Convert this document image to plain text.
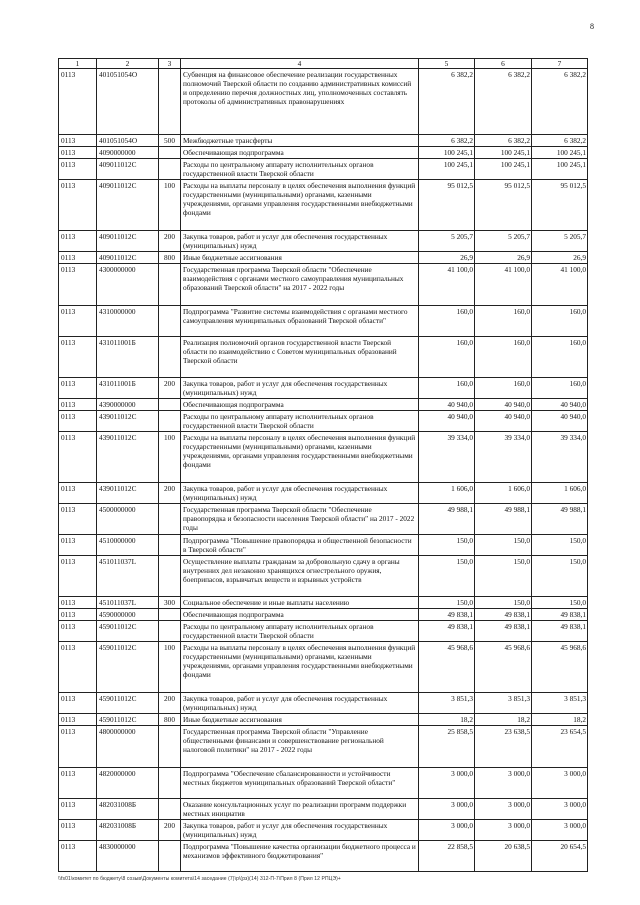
8
1	2	3	4	5	6	7
0113	401051054О		Субвенция на финансовое обеспечение реализации государственных полномочий Тверской области по созданию административных комиссий и определению перечня должностных лиц, уполномоченных составлять протоколы об административных правонарушениях	6 382,2	6 382,2	6 382,2
0113	401051054О	500	Межбюджетные трансферты	6 382,2	6 382,2	6 382,2
0113	4090000000		Обеспечивающая подпрограмма	100 245,1	100 245,1	100 245,1
0113	409011012С		Расходы по центральному аппарату исполнительных органов государственной власти Тверской области	100 245,1	100 245,1	100 245,1
0113	409011012С	100	Расходы на выплаты персоналу в целях обеспечения выполнения функций государственными (муниципальными) органами, казенными учреждениями, органами управления государственными внебюджетными фондами	95 012,5	95 012,5	95 012,5
0113	409011012С	200	Закупка товаров, работ и услуг для обеспечения государственных (муниципальных) нужд	5 205,7	5 205,7	5 205,7
0113	409011012С	800	Иные бюджетные ассигнования	26,9	26,9	26,9
0113	4300000000		Государственная программа Тверской области "Обеспечение взаимодействия с органами местного самоуправления муниципальных образований Тверской области" на 2017 - 2022 годы	41 100,0	41 100,0	41 100,0
0113	4310000000		Подпрограмма "Развитие системы взаимодействия с органами местного самоуправления муниципальных образований Тверской области"	160,0	160,0	160,0
0113	431011001Б		Реализация полномочий органов государственной власти Тверской области по взаимодействию с Советом муниципальных образований Тверской области	160,0	160,0	160,0
0113	431011001Б	200	Закупка товаров, работ и услуг для обеспечения государственных (муниципальных) нужд	160,0	160,0	160,0
0113	4390000000		Обеспечивающая подпрограмма	40 940,0	40 940,0	40 940,0
0113	439011012С		Расходы по центральному аппарату исполнительных органов государственной власти Тверской области	40 940,0	40 940,0	40 940,0
0113	439011012С	100	Расходы на выплаты персоналу в целях обеспечения выполнения функций государственными (муниципальными) органами, казенными учреждениями, органами управления государственными внебюджетными фондами	39 334,0	39 334,0	39 334,0
0113	439011012С	200	Закупка товаров, работ и услуг для обеспечения государственных (муниципальных) нужд	1 606,0	1 606,0	1 606,0
0113	4500000000		Государственная программа Тверской области "Обеспечение правопорядка и безопасности населения Тверской области" на 2017 - 2022 годы	49 988,1	49 988,1	49 988,1
0113	4510000000		Подпрограмма "Повышение правопорядка и общественной безопасности в Тверской области"	150,0	150,0	150,0
0113	451011037L		Осуществление выплаты гражданам за добровольную сдачу в органы внутренних дел незаконно хранящихся огнестрельного оружия, боеприпасов, взрывчатых веществ и взрывных устройств	150,0	150,0	150,0
0113	451011037L	300	Социальное обеспечение и иные выплаты населению	150,0	150,0	150,0
0113	4590000000		Обеспечивающая подпрограмма	49 838,1	49 838,1	49 838,1
0113	459011012С		Расходы по центральному аппарату исполнительных органов государственной власти Тверской области	49 838,1	49 838,1	49 838,1
0113	459011012С	100	Расходы на выплаты персоналу в целях обеспечения выполнения функций государственными (муниципальными) органами, казенными учреждениями, органами управления государственными внебюджетными фондами	45 968,6	45 968,6	45 968,6
0113	459011012С	200	Закупка товаров, работ и услуг для обеспечения государственных (муниципальных) нужд	3 851,3	3 851,3	3 851,3
0113	459011012С	800	Иные бюджетные ассигнования	18,2	18,2	18,2
0113	4800000000		Государственная программа Тверской области "Управление общественными финансами и совершенствование региональной налоговой политики" на 2017 - 2022 годы	25 858,5	23 638,5	23 654,5
0113	4820000000		Подпрограмма "Обеспечение сбалансированности и устойчивости местных бюджетов муниципальных образований Тверской области"	3 000,0	3 000,0	3 000,0
0113	482031008Б		Оказание консультационных услуг по реализации программ поддержки местных инициатив	3 000,0	3 000,0	3 000,0
0113	482031008Б	200	Закупка товаров, работ и услуг для обеспечения государственных (муниципальных) нужд	3 000,0	3 000,0	3 000,0
0113	4830000000		Подпрограмма "Повышение качества организации бюджетного процесса и механизмов эффективного бюджетирования"	22 858,5	20 638,5	20 654,5
\\fs01\комитет по бюджету\8 созыв\Документы комитета\14 заседание (7)\р\(рз)(14) 312-П-7\Прил 8 (Прил 12 РПЦЭ)+
